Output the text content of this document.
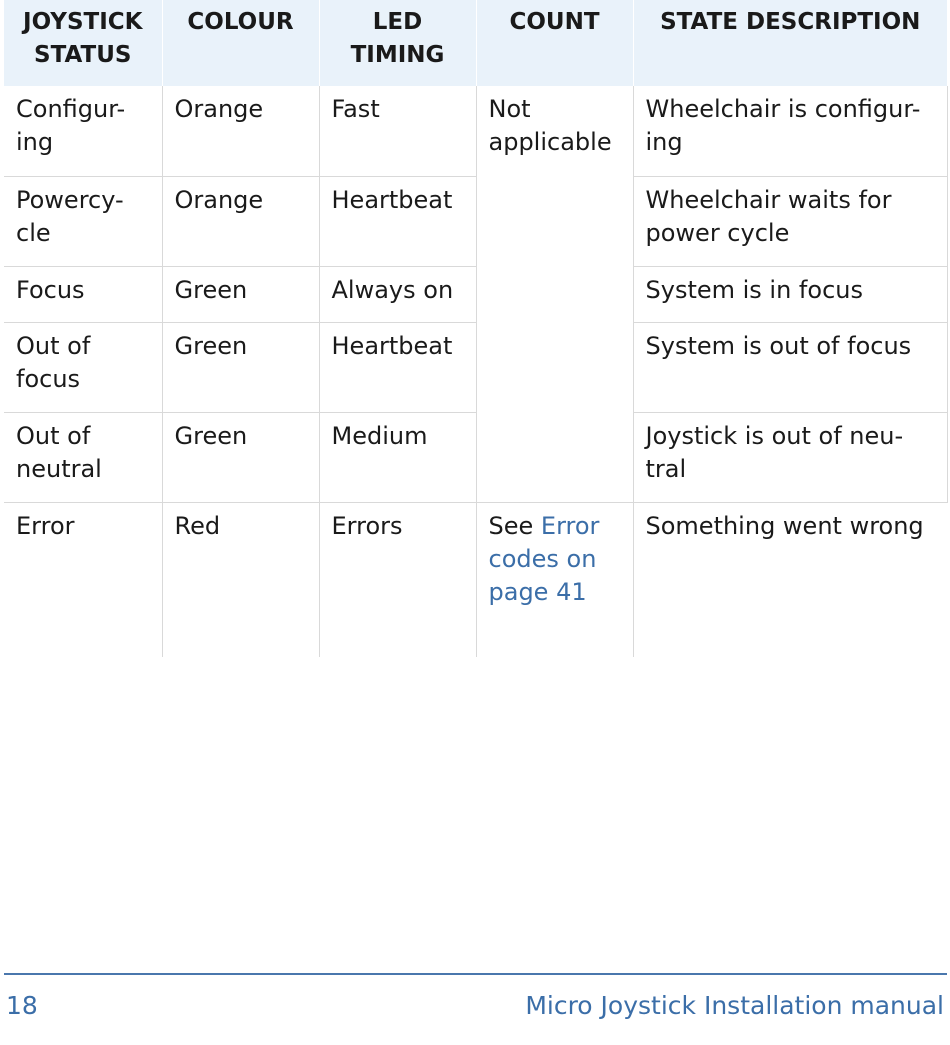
JOYSTICK STATUS	COLOUR	LED TIMING	COUNT	STATE DESCRIPTION
Configur-ing	Orange	Fast	Not applicable	Wheelchair is configur-ing
Powercy-cle	Orange	Heartbeat		Wheelchair waits for power cycle
Focus	Green	Always on		System is in focus
Out of focus	Green	Heartbeat		System is out of focus
Out of neutral	Green	Medium		Joystick is out of neu-tral
Error	Red	Errors	See Error codes on page 41	Something went wrong
18	Micro Joystick Installation manual
